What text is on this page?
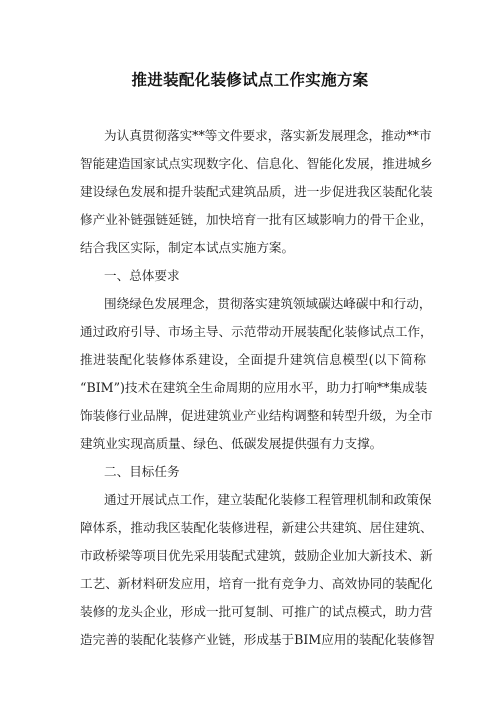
推进装配化装修试点工作实施方案

为认真贯彻落实**等文件要求，落实新发展理念，推动**市

智能建造国家试点实现数字化、信息化、智能化发展，推进城乡

建设绿色发展和提升装配式建筑品质，进一步促进我区装配化装

修产业补链强链延链，加快培育一批有区域影响力的骨干企业，

结合我区实际，制定本试点实施方案。

一、总体要求

围绕绿色发展理念，贯彻落实建筑领域碳达峰碳中和行动，

通过政府引导、市场主导、示范带动开展装配化装修试点工作，

推进装配化装修体系建设，全面提升建筑信息模型(以下简称

“BIM”)技术在建筑全生命周期的应用水平，助力打响**集成装

饰装修行业品牌，促进建筑业产业结构调整和转型升级，为全市

建筑业实现高质量、绿色、低碳发展提供强有力支撑。

二、目标任务

通过开展试点工作，建立装配化装修工程管理机制和政策保

障体系，推动我区装配化装修进程，新建公共建筑、居住建筑、

市政桥梁等项目优先采用装配式建筑，鼓励企业加大新技术、新

工艺、新材料研发应用，培育一批有竞争力、高效协同的装配化

装修的龙头企业，形成一批可复制、可推广的试点模式，助力营

造完善的装配化装修产业链，形成基于BIM应用的装配化装修智
